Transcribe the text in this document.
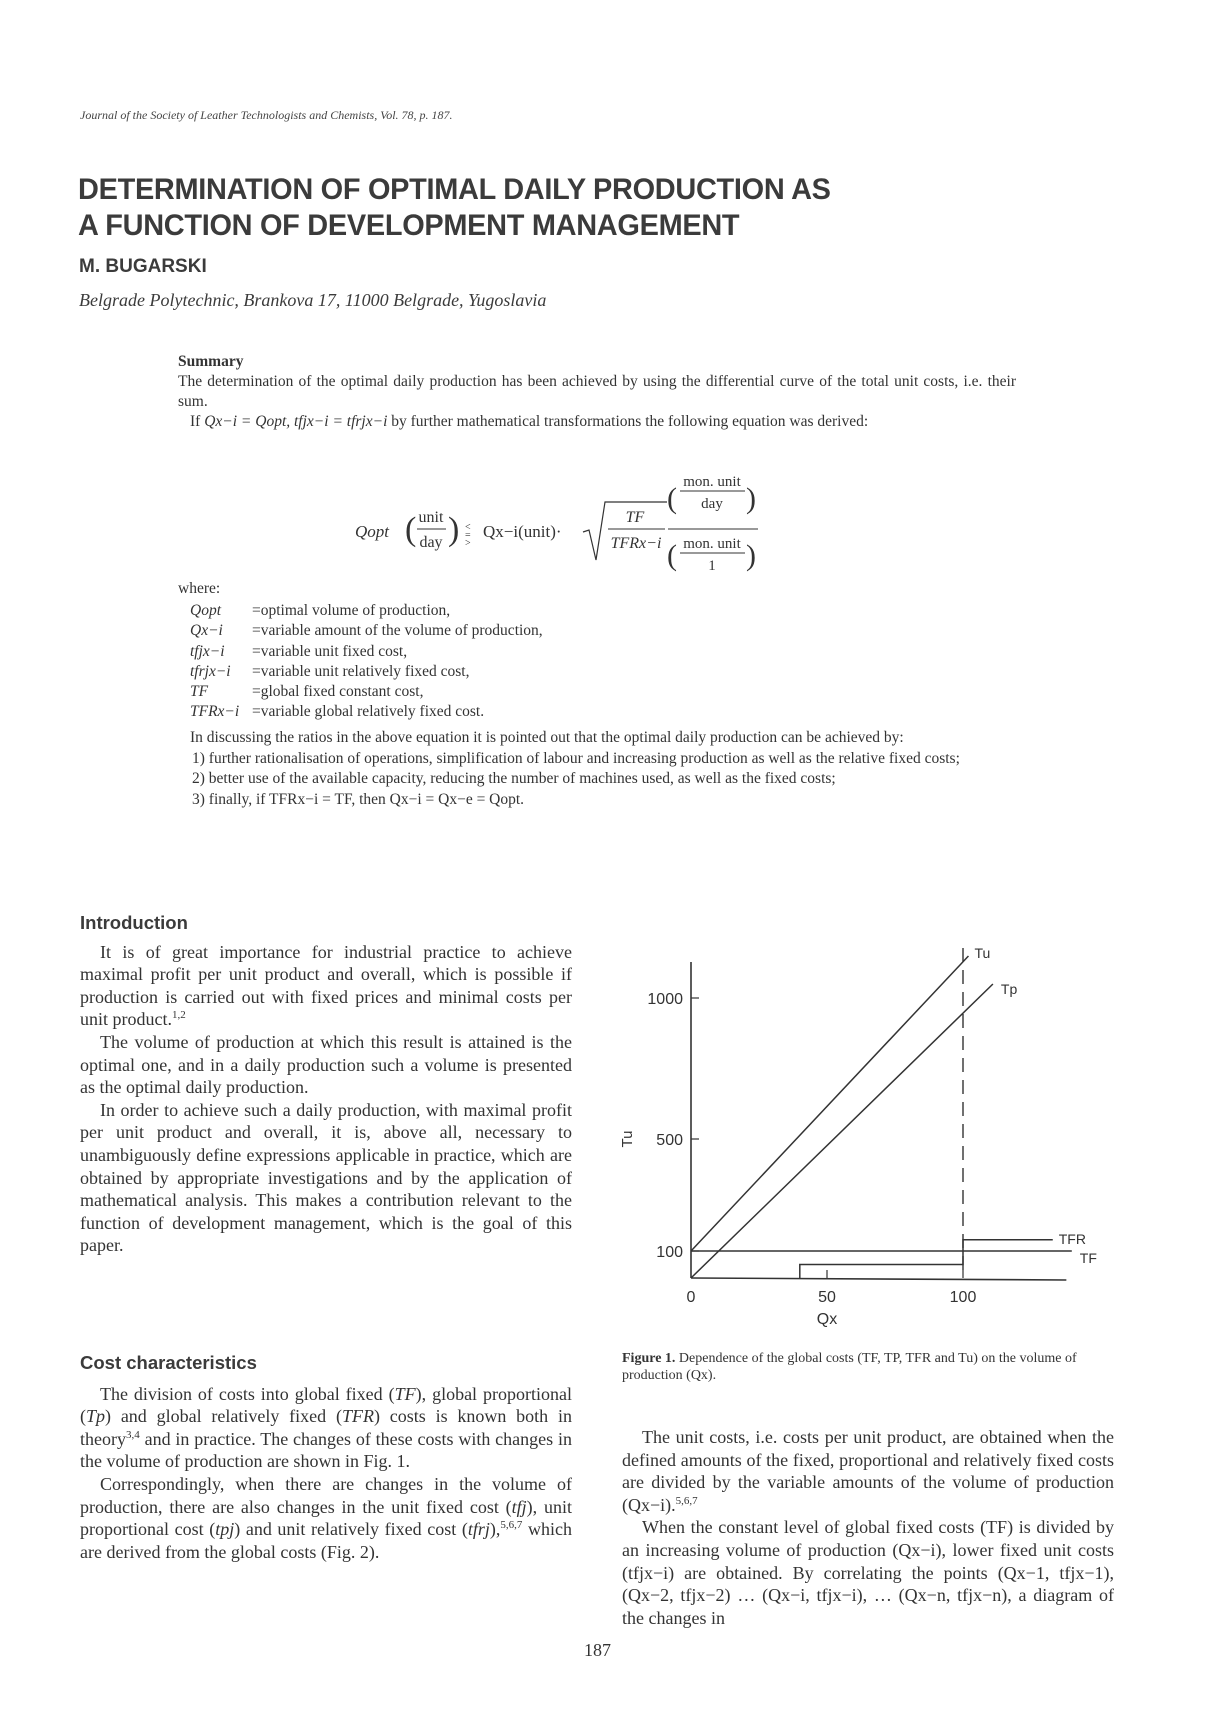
Journal of the Society of Leather Technologists and Chemists, Vol. 78, p. 187.
DETERMINATION OF OPTIMAL DAILY PRODUCTION AS
A FUNCTION OF DEVELOPMENT MANAGEMENT
M. BUGARSKI
Belgrade Polytechnic, Brankova 17, 11000 Belgrade, Yugoslavia
Summary

The determination of the optimal daily production has been achieved by using the differential curve of the total unit costs, i.e. their sum.

If Qx−i = Qopt, tfjx−i = tfrjx−i by further mathematical transformations the following equation was derived:

Qopt ( unit
day ) <
=
>
Qx−i(unit)·
TF
TFRx−i
( mon. unit
day )
( mon. unit
1 )
where:
Qopt	=optimal volume of production,
Qx−i	=variable amount of the volume of production,
tfjx−i	=variable unit fixed cost,
tfrjx−i	=variable unit relatively fixed cost,
TF	=global fixed constant cost,
TFRx−i =variable global relatively fixed cost.

In discussing the ratios in the above equation it is pointed out that the optimal daily production can be achieved by:

1) further rationalisation of operations, simplification of labour and increasing production as well as the relative fixed costs;
2) better use of the available capacity, reducing the number of machines used, as well as the fixed costs;
3) finally, if TFRx−i = TF, then Qx−i = Qx−e = Qopt.
Introduction

It is of great importance for industrial practice to achieve maximal profit per unit product and overall, which is possible if production is carried out with fixed prices and minimal costs per unit product.$^{1,2}$

The volume of production at which this result is attained is the optimal one, and in a daily production such a volume is presented as the optimal daily production.

In order to achieve such a daily production, with maximal profit per unit product and overall, it is, above all, necessary to unambiguously define expressions applicable in practice, which are obtained by appropriate investigations and by the application of mathematical analysis. This makes a contribution relevant to the function of development management, which is the goal of this paper.

Cost characteristics

The division of costs into global fixed (TF), global proportional (Tp) and global relatively fixed (TFR) costs is known both in theory$^{3,4}$ and in practice. The changes of these costs with changes in the volume of production are shown in Fig. 1.

Correspondingly, when there are changes in the volume of production, there are also changes in the unit fixed cost (tfj), unit proportional cost (tpj) and unit relatively fixed cost (tfrj),$^{5,6,7}$ which are derived from the global costs (Fig. 2).

100
500
1000
0	50	100
Qx
Tu
Tu
Tp
TF
TFR
Figure 1. Dependence of the global costs (TF, TP, TFR and Tu) on the volume of production (Qx).

The unit costs, i.e. costs per unit product, are obtained when the defined amounts of the fixed, proportional and relatively fixed costs are divided by the variable amounts of the volume of production (Qx−i).$^{5,6,7}$

When the constant level of global fixed costs (TF) is divided by an increasing volume of production (Qx−i), lower fixed unit costs (tfjx−i) are obtained. By correlating the points (Qx−1, tfjx−1), (Qx−2, tfjx−2) … (Qx−i, tfjx−i), … (Qx−n, tfjx−n), a diagram of the changes in

187
